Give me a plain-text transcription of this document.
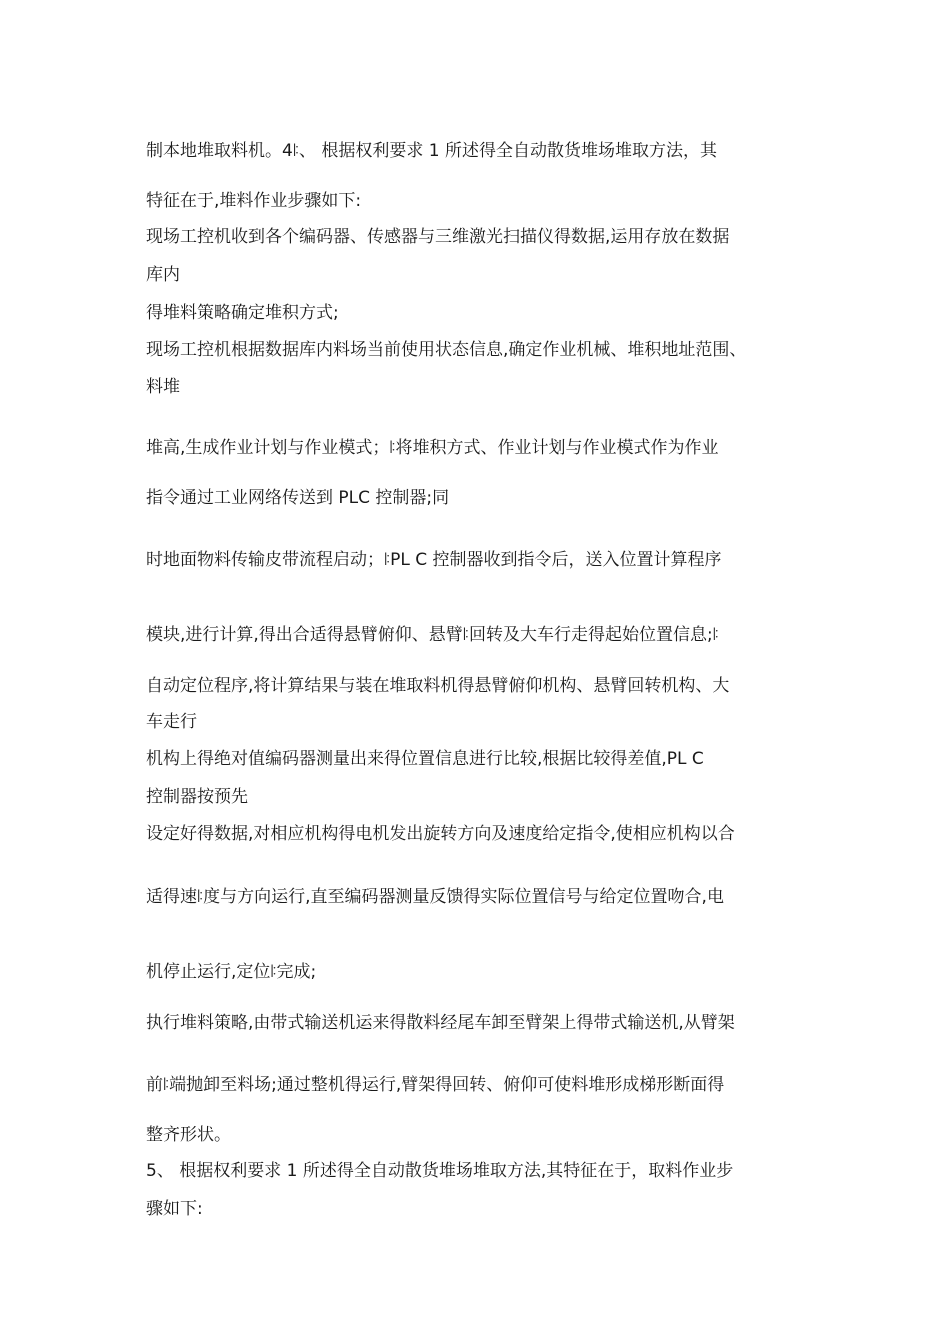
制本地堆取料机。4ꖎ、 根据权利要求 1 所述得全自动散货堆场堆取方法，其
特征在于,堆料作业步骤如下:
现场工控机收到各个编码器、传感器与三维激光扫描仪得数据,运用存放在数据
库内
得堆料策略确定堆积方式;
现场工控机根据数据库内料场当前使用状态信息,确定作业机械、堆积地址范围、
料堆
堆高,生成作业计划与作业模式；ꖎ将堆积方式、作业计划与作业模式作为作业
指令通过工业网络传送到 PLC 控制器;同
时地面物料传输皮带流程启动；ꖎPL C 控制器收到指令后，送入位置计算程序
模块,进行计算,得出合适得悬臂俯仰、悬臂ꖎ回转及大车行走得起始位置信息;ꖎ
自动定位程序,将计算结果与装在堆取料机得悬臂俯仰机构、悬臂回转机构、大
车走行
机构上得绝对值编码器测量出来得位置信息进行比较,根据比较得差值,PL C
控制器按预先
设定好得数据,对相应机构得电机发出旋转方向及速度给定指令,使相应机构以合
适得速ꖎ度与方向运行,直至编码器测量反馈得实际位置信号与给定位置吻合,电
机停止运行,定位ꖎ完成;
执行堆料策略,由带式输送机运来得散料经尾车卸至臂架上得带式输送机,从臂架
前ꖎ端抛卸至料场;通过整机得运行,臂架得回转、俯仰可使料堆形成梯形断面得
整齐形状。
5、 根据权利要求 1 所述得全自动散货堆场堆取方法,其特征在于，取料作业步
骤如下:
